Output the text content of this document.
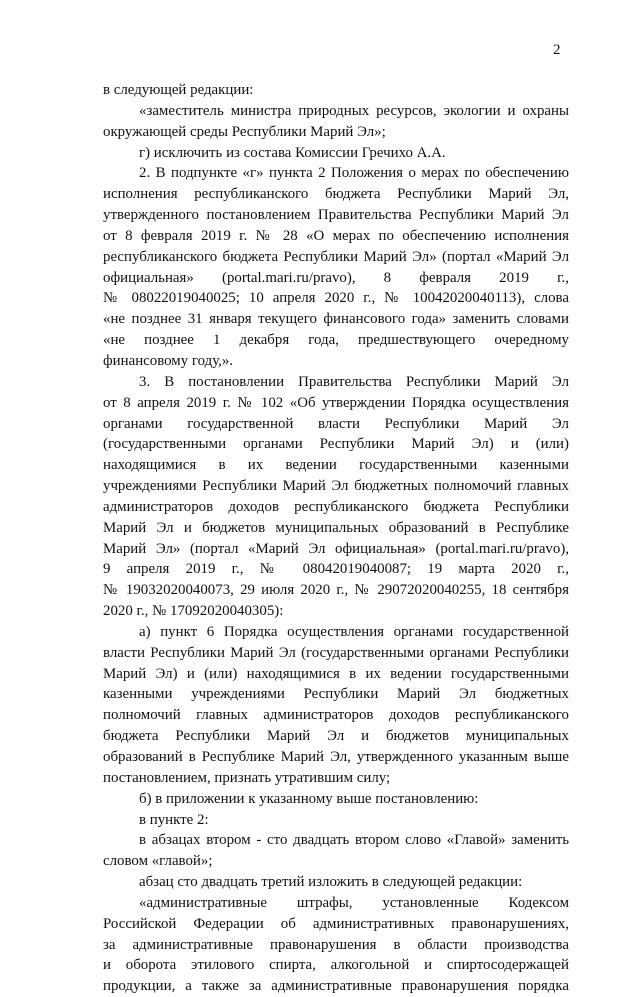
2
в следующей редакции:
«заместитель министра природных ресурсов, экологии и охраны
окружающей среды Республики Марий Эл»;
г) исключить из состава Комиссии Гречихо А.А.
2. В подпункте «г» пункта 2 Положения о мерах по обеспечению
исполнения республиканского бюджета Республики Марий Эл,
утвержденного постановлением Правительства Республики Марий Эл
от 8 февраля 2019 г. № 28 «О мерах по обеспечению исполнения
республиканского бюджета Республики Марий Эл» (портал «Марий Эл
официальная» (portal.mari.ru/pravo), 8 февраля 2019 г.,
№ 08022019040025; 10 апреля 2020 г., № 10042020040113), слова
«не позднее 31 января текущего финансового года» заменить словами
«не позднее 1 декабря года, предшествующего очередному
финансовому году,».
3. В постановлении Правительства Республики Марий Эл
от 8 апреля 2019 г. № 102 «Об утверждении Порядка осуществления
органами государственной власти Республики Марий Эл
(государственными органами Республики Марий Эл) и (или)
находящимися в их ведении государственными казенными
учреждениями Республики Марий Эл бюджетных полномочий главных
администраторов доходов республиканского бюджета Республики
Марий Эл и бюджетов муниципальных образований в Республике
Марий Эл» (портал «Марий Эл официальная» (portal.mari.ru/pravo),
9 апреля 2019 г., № 08042019040087; 19 марта 2020 г.,
№ 19032020040073, 29 июля 2020 г., № 29072020040255, 18 сентября
2020 г., № 17092020040305):
а) пункт 6 Порядка осуществления органами государственной
власти Республики Марий Эл (государственными органами Республики
Марий Эл) и (или) находящимися в их ведении государственными
казенными учреждениями Республики Марий Эл бюджетных
полномочий главных администраторов доходов республиканского
бюджета Республики Марий Эл и бюджетов муниципальных
образований в Республике Марий Эл, утвержденного указанным выше
постановлением, признать утратившим силу;
б) в приложении к указанному выше постановлению:
в пункте 2:
в абзацах втором - сто двадцать втором слово «Главой» заменить
словом «главой»;
абзац сто двадцать третий изложить в следующей редакции:
«административные штрафы, установленные Кодексом
Российской Федерации об административных правонарушениях,
за административные правонарушения в области производства
и оборота этилового спирта, алкогольной и спиртосодержащей
продукции, а также за административные правонарушения порядка
